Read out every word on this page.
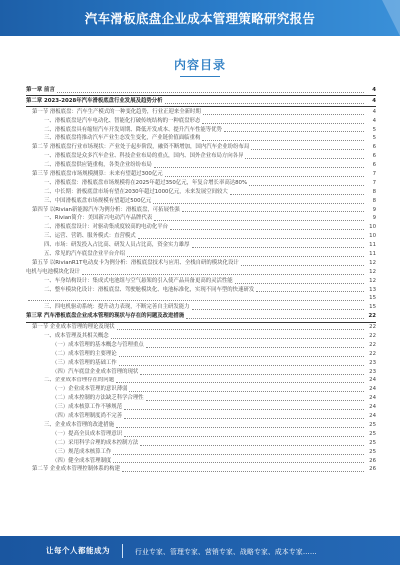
汽车滑板底盘企业成本管理策略研究报告
内容目录
第一章 前言	4
第二章 2023-2028年汽车滑板底盘行业发展及趋势分析	4
第一节 滑板底盘：汽车生产模式的一种变化趋势，行业正迎来全新时期	4
一、滑板底盘是汽车电动化、智能化打破传统结构的一种底盘形态	4
二、滑板底盘具有缩短汽车开发周期、降低开发成本、提升汽车性能等优势	5
三、滑板底盘将推动汽车产业生态发生变化，产业链价值面临重构	5
第二节 滑板底盘行业市场现状：产业处于起步阶段，融资不断增加，国内汽车企业纷纷布局	6
一、滑板底盘是众多汽车企业、科技企业布局的重点，国内、国外企业布局方向各异	6
二、滑板底盘供应链重构，各类企业纷纷布局	6
第三节 滑板底盘市场规模测算：未来有望超过300亿元	7
一、滑板底盘：滑板底盘市场规模将在2025年超过350亿元，年复合增长率高达80%	7
二、中长期：滑板底盘市场有望在2030年超过1000亿元，未来发展空间较大	8
三、中国滑板底盘市场规模有望超过500亿元	8
第四节 以Rivian新能源汽车为例分析：滑板底盘，可拓展性强	9
一、Rivian简介：美国新兴电动汽车品牌代表	9
二、滑板底盘设计：对驱动集成度较高的电动化平台	10
三、运营、营销、服务模式：直营模式	10
四、市场：研发投入占比高、研发人员占比高，资金实力雄厚	11
五、常见的汽车底盘企业平台介绍	11
第五节 以RivianR1T电动皮卡为例分析：滑板底盘技术与应用、全栈自研的模块化设计	12
电机与电池模块化设计	12
一、车身结构设计：集成式电池组与空气悬架的引入使产品具备更高的灵活性能	12
二、整车模块化设计：滑板底盘、驾驶舱模块化、电池标准化，实现不同车型的快速研发	13
15
三、四电机驱动系统：提升动力表现，不断完善自主研发能力	15
第三章 汽车滑板底盘企业成本管理的现状与存在的问题及改进措施	22
第一节 企业成本管理的理论及现状	22
一、成本管理及其相关概念	22
（一）成本管理的基本概念与管理重点	22
（二）成本管理的主要理论	22
（三）成本管理的基础工作	23
（四）汽车底盘企业成本管理的现状	23
二、企业成本管理存在的问题	24
（一）企业成本管理的意识薄弱	24
（二）成本控制的方法缺乏科学合理性	24
（三）成本核算工作不够规范	24
（四）成本管理制度尚不完善	24
三、企业成本管理的改进措施	25
（一）提高全员成本管理意识	25
（二）采用科学合理的成本控制方法	25
（三）规范成本核算工作	25
（四）健全成本管理制度	26
第二节 企业成本管理控制体系的构建	26
让每个人都能成为	行业专家、管理专家、营销专家、战略专家、成本专家……
